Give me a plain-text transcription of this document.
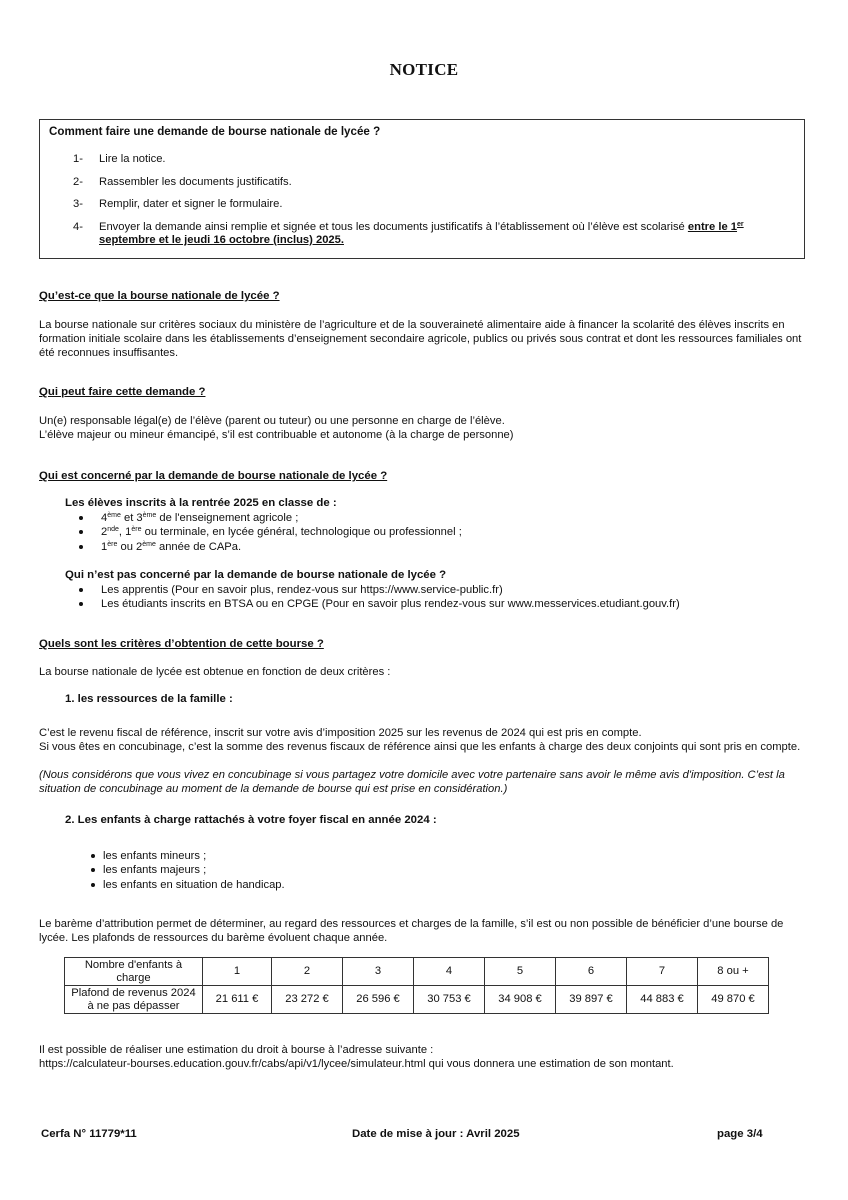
NOTICE
Comment faire une demande de bourse nationale de lycée ?
1- Lire la notice.
2- Rassembler les documents justificatifs.
3- Remplir, dater et signer le formulaire.
4- Envoyer la demande ainsi remplie et signée et tous les documents justificatifs à l’établissement où l’élève est scolarisé entre le 1er septembre et le jeudi 16 octobre (inclus) 2025.
Qu’est-ce que la bourse nationale de lycée ?
La bourse nationale sur critères sociaux du ministère de l’agriculture et de la souveraineté alimentaire aide à financer la scolarité des élèves inscrits en formation initiale scolaire dans les établissements d’enseignement secondaire agricole, publics ou privés sous contrat et dont les ressources familiales ont été reconnues insuffisantes.
Qui peut faire cette demande ?
Un(e) responsable légal(e) de l’élève (parent ou tuteur) ou une personne en charge de l’élève.
L’élève majeur ou mineur émancipé, s’il est contribuable et autonome (à la charge de personne)
Qui est concerné par la demande de bourse nationale de lycée ?
Les élèves inscrits à la rentrée 2025 en classe de :
4ème et 3ème de l'enseignement agricole ;
2nde, 1ère ou terminale, en lycée général, technologique ou professionnel ;
1ère ou 2ème année de CAPa.
Qui n’est pas concerné par la demande de bourse nationale de lycée ?
Les apprentis (Pour en savoir plus, rendez-vous sur https://www.service-public.fr)
Les étudiants inscrits en BTSA ou en CPGE (Pour en savoir plus rendez-vous sur www.messervices.etudiant.gouv.fr)
Quels sont les critères d’obtention de cette bourse ?
La bourse nationale de lycée est obtenue en fonction de deux critères :
1. les ressources de la famille :
C’est le revenu fiscal de référence, inscrit sur votre avis d’imposition 2025 sur les revenus de 2024 qui est pris en compte.
Si vous êtes en concubinage, c’est la somme des revenus fiscaux de référence ainsi que les enfants à charge des deux conjoints qui sont pris en compte.
(Nous considérons que vous vivez en concubinage si vous partagez votre domicile avec votre partenaire sans avoir le même avis d'imposition. C’est la situation de concubinage au moment de la demande de bourse qui est prise en considération.)
2. Les enfants à charge rattachés à votre foyer fiscal en année 2024 :
les enfants mineurs ;
les enfants majeurs ;
les enfants en situation de handicap.
Le barème d’attribution permet de déterminer, au regard des ressources et charges de la famille, s’il est ou non possible de bénéficier d’une bourse de lycée. Les plafonds de ressources du barème évoluent chaque année.
Nombre d'enfants à charge	1	2	3	4	5	6	7	8 ou +
Plafond de revenus 2024 à ne pas dépasser	21 611 €	23 272 €	26 596 €	30 753 €	34 908 €	39 897 €	44 883 €	49 870 €
Il est possible de réaliser une estimation du droit à bourse à l’adresse suivante :
https://calculateur-bourses.education.gouv.fr/cabs/api/v1/lycee/simulateur.html qui vous donnera une estimation de son montant.
Cerfa N° 11779*11	Date de mise à jour : Avril 2025	page 3/4
